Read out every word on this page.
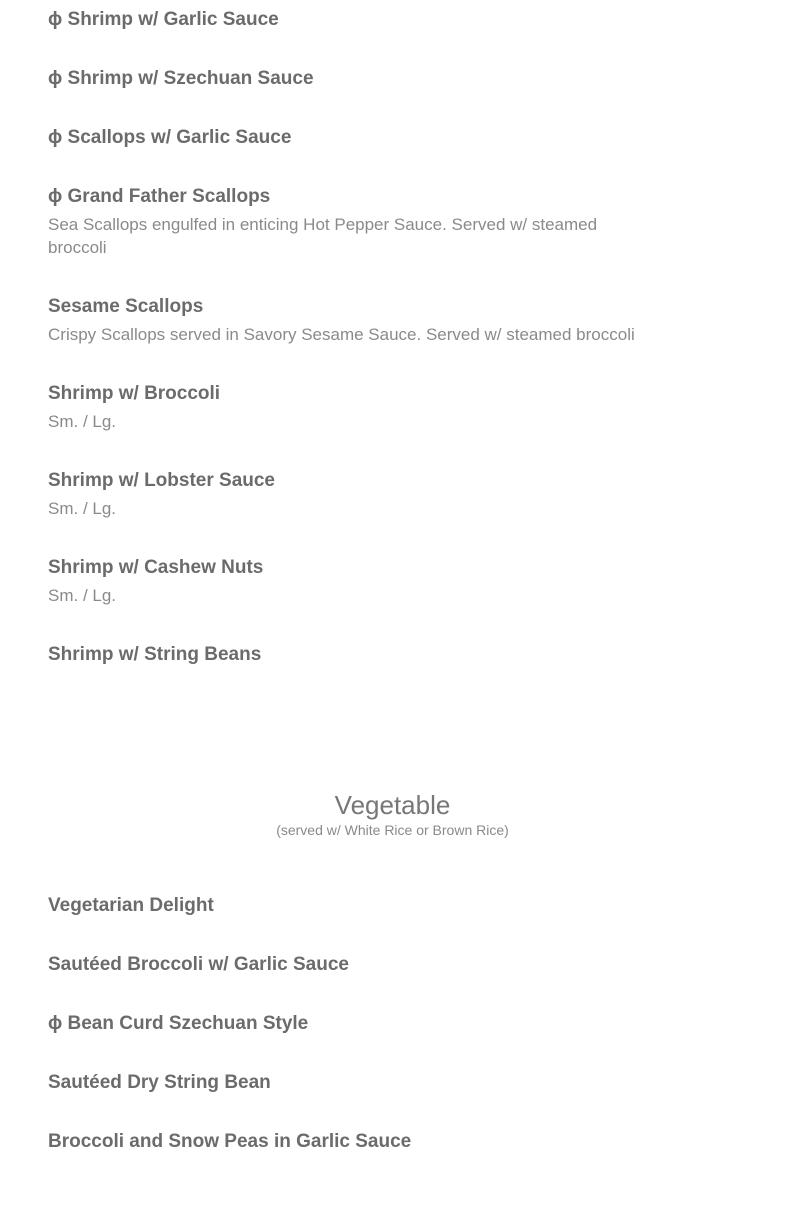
ϕ Shrimp w/ Garlic Sauce
ϕ Shrimp w/ Szechuan Sauce
ϕ Scallops w/ Garlic Sauce
ϕ Grand Father Scallops
Sea Scallops engulfed in enticing Hot Pepper Sauce. Served w/ steamed broccoli
Sesame Scallops
Crispy Scallops served in Savory Sesame Sauce. Served w/ steamed broccoli
Shrimp w/ Broccoli
Sm. / Lg.
Shrimp w/ Lobster Sauce
Sm. / Lg.
Shrimp w/ Cashew Nuts
Sm. / Lg.
Shrimp w/ String Beans
Vegetable
(served w/ White Rice or Brown Rice)
Vegetarian Delight
Sautéed Broccoli w/ Garlic Sauce
ϕ Bean Curd Szechuan Style
Sautéed Dry String Bean
Broccoli and Snow Peas in Garlic Sauce
